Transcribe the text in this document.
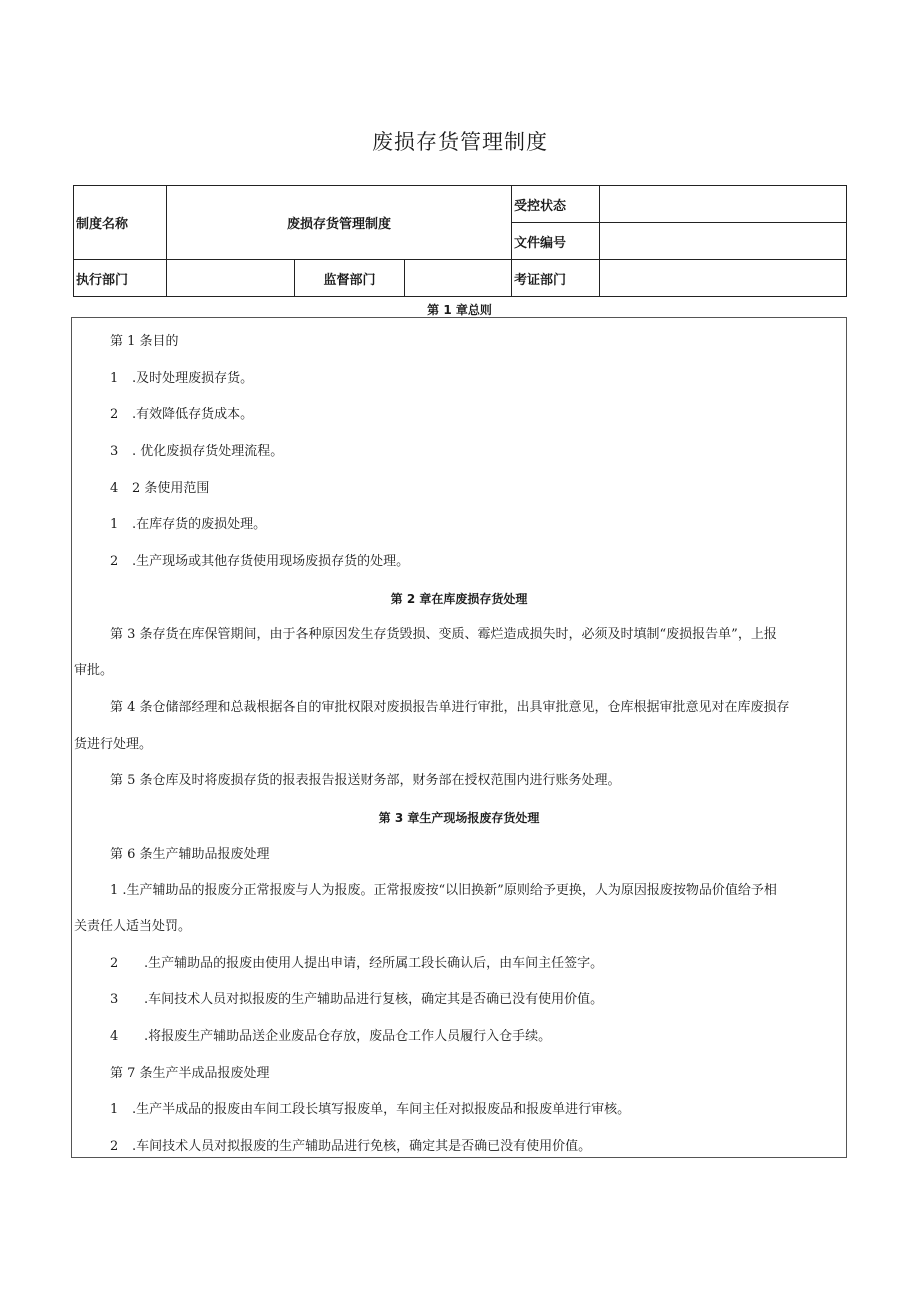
废损存货管理制度
制度名称	废损存货管理制度			受控状态	
				文件编号	
执行部门		监督部门		考证部门	
第 1 章总则
第 1 条目的
1 .及时处理废损存货。
2 .有效降低存货成本。
3 . 优化废损存货处理流程。
4 2 条使用范围
1 .在库存货的废损处理。
2 .生产现场或其他存货使用现场废损存货的处理。
第 2 章在库废损存货处理
第 3 条存货在库保管期间，由于各种原因发生存货毁损、变质、霉烂造成损失时，必须及时填制“废损报告单”，上报
审批。
第 4 条仓储部经理和总裁根据各自的审批权限对废损报告单进行审批，出具审批意见，仓库根据审批意见对在库废损存
货进行处理。
第 5 条仓库及时将废损存货的报表报告报送财务部，财务部在授权范围内进行账务处理。
第 3 章生产现场报废存货处理
第 6 条生产辅助品报废处理
1 .生产辅助品的报废分正常报废与人为报废。正常报废按“以旧换新”原则给予更换，人为原因报废按物品价值给予相
关责任人适当处罚。
2 .生产辅助品的报废由使用人提出申请，经所属工段长确认后，由车间主任签字。
3 .车间技术人员对拟报废的生产辅助品进行复核，确定其是否确已没有使用价值。
4 .将报废生产辅助品送企业废品仓存放，废品仓工作人员履行入仓手续。
第 7 条生产半成品报废处理
1 .生产半成品的报废由车间工段长填写报废单，车间主任对拟报废品和报废单进行审核。
2 .车间技术人员对拟报废的生产辅助品进行免核，确定其是否确已没有使用价值。
